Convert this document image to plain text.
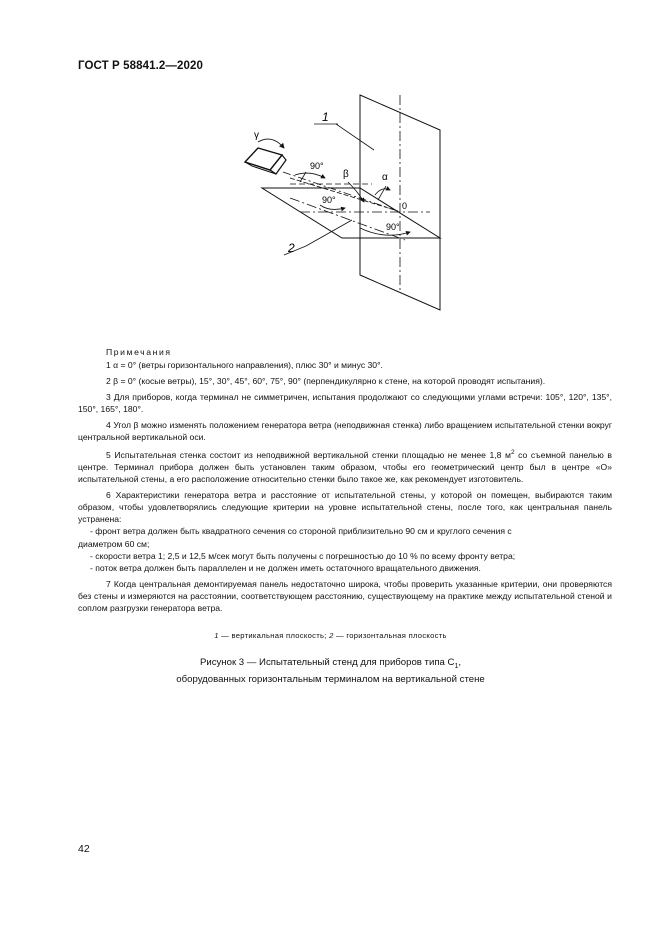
ГОСТ Р 58841.2—2020
1
2
γ
β	α
0
90°
90°
90°
Примечания

1 α = 0° (ветры горизонтального направления), плюс 30° и минус 30°.

2 β = 0° (косые ветры), 15°, 30°, 45°, 60°, 75°, 90° (перпендикулярно к стене, на которой проводят испытания).

3 Для приборов, когда терминал не симметричен, испытания продолжают со следующими углами встречи: 105°, 120°, 135°, 150°, 165°, 180°.

4 Угол β можно изменять положением генератора ветра (неподвижная стенка) либо вращением испытательной стенки вокруг центральной вертикальной оси.

5 Испытательная стенка состоит из неподвижной вертикальной стенки площадью не менее 1,8 $м^2$ со съемной панелью в центре. Терминал прибора должен быть установлен таким образом, чтобы его геометрический центр был в центре «О» испытательной стены, а его расположение относительно стенки было такое же, как рекомендует изготовитель.

6 Характеристики генератора ветра и расстояние от испытательной стены, у которой он помещен, выбираются таким образом, чтобы удовлетворялись следующие критерии на уровне испытательной стены, после того, как центральная панель устранена:

- фронт ветра должен быть квадратного сечения со стороной приблизительно 90 см и круглого сечения с

диаметром 60 см;

- скорости ветра 1; 2,5 и 12,5 м/сек могут быть получены с погрешностью до 10 % по всему фронту ветра;

- поток ветра должен быть параллелен и не должен иметь остаточного вращательного движения.

7 Когда центральная демонтируемая панель недостаточно широка, чтобы проверить указанные критерии, они проверяются без стены и измеряются на расстоянии, соответствующем расстоянию, существующему на практике между испытательной стеной и соплом разгрузки генератора ветра.

1 — вертикальная плоскость; 2 — горизонтальная плоскость
Рисунок 3 — Испытательный стенд для приборов типа $C_1$,
оборудованных горизонтальным терминалом на вертикальной стене
42
